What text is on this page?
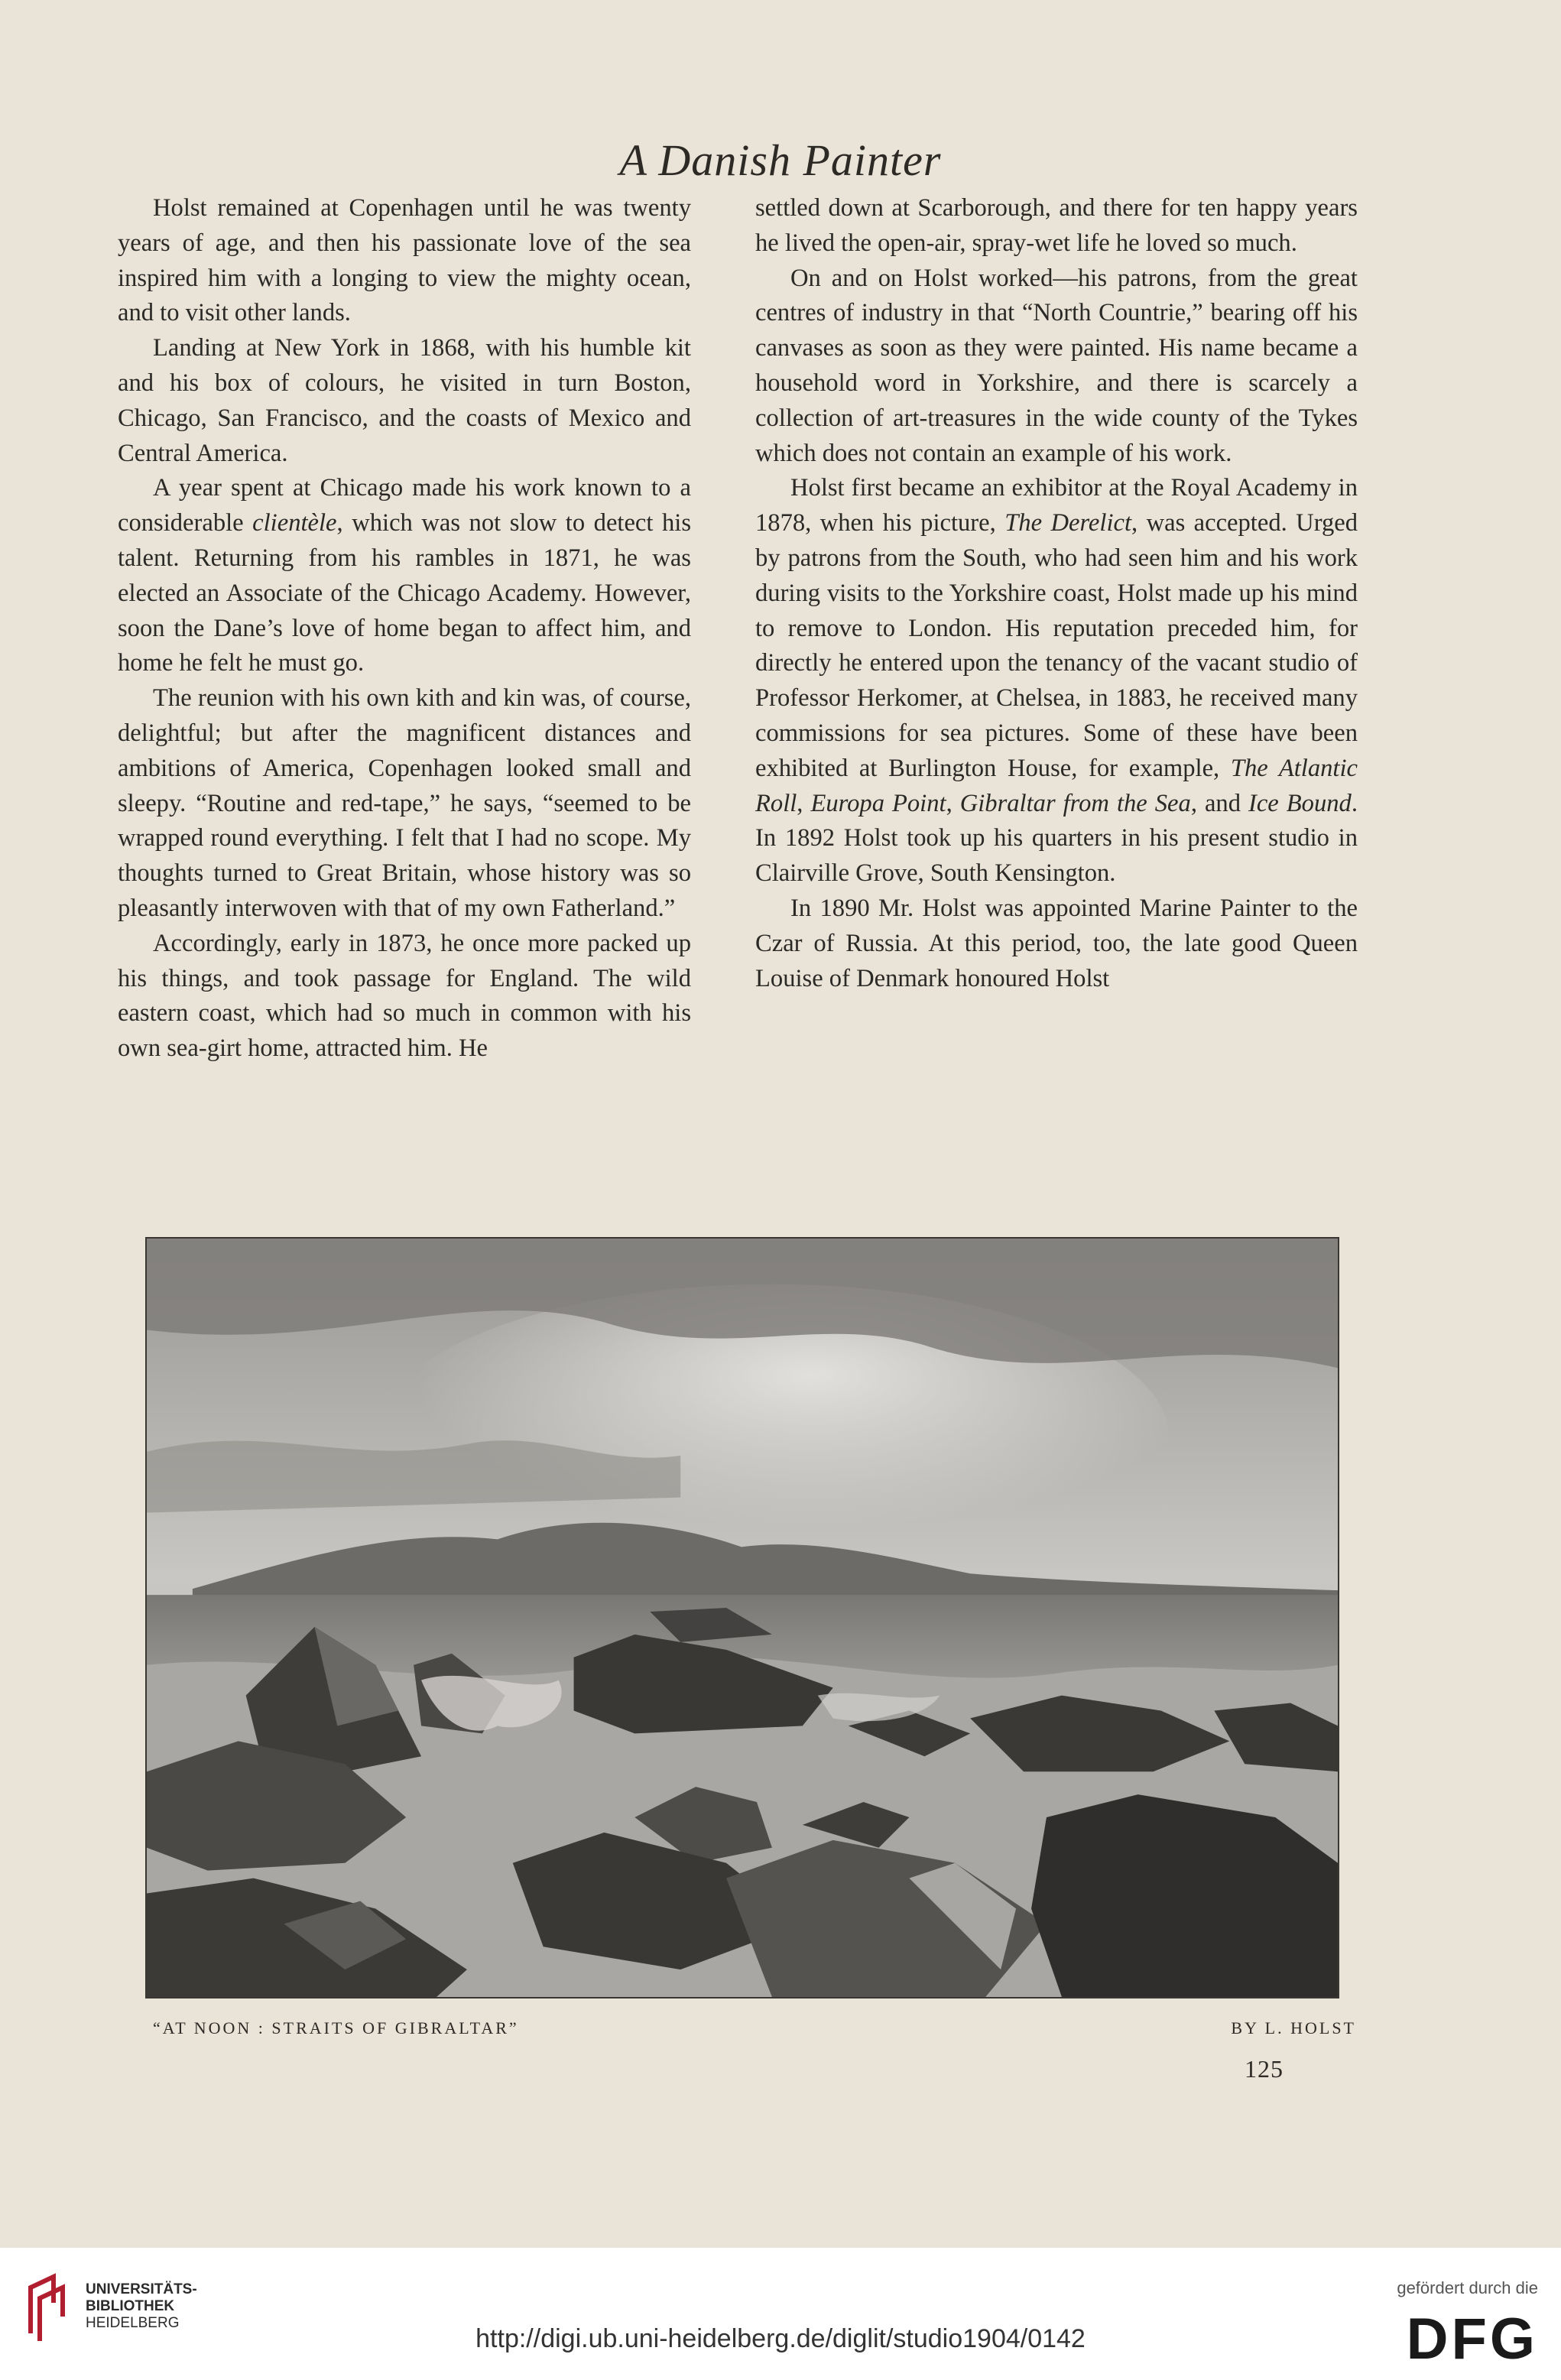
A Danish Painter

Holst remained at Copenhagen until he was twenty years of age, and then his passionate love of the sea inspired him with a longing to view the mighty ocean, and to visit other lands.

Landing at New York in 1868, with his humble kit and his box of colours, he visited in turn Boston, Chicago, San Francisco, and the coasts of Mexico and Central America.

A year spent at Chicago made his work known to a considerable clientèle, which was not slow to detect his talent. Returning from his rambles in 1871, he was elected an Associate of the Chicago Academy. However, soon the Dane’s love of home began to affect him, and home he felt he must go.

The reunion with his own kith and kin was, of course, delightful; but after the magnificent distances and ambitions of America, Copenhagen looked small and sleepy. “Routine and red-tape,” he says, “seemed to be wrapped round everything. I felt that I had no scope. My thoughts turned to Great Britain, whose history was so pleasantly interwoven with that of my own Fatherland.”

Accordingly, early in 1873, he once more packed up his things, and took passage for England. The wild eastern coast, which had so much in common with his own sea-girt home, attracted him. He

settled down at Scarborough, and there for ten happy years he lived the open-air, spray-wet life he loved so much.

On and on Holst worked—his patrons, from the great centres of industry in that “North Countrie,” bearing off his canvases as soon as they were painted. His name became a household word in Yorkshire, and there is scarcely a collection of art-treasures in the wide county of the Tykes which does not contain an example of his work.

Holst first became an exhibitor at the Royal Academy in 1878, when his picture, The Derelict, was accepted. Urged by patrons from the South, who had seen him and his work during visits to the Yorkshire coast, Holst made up his mind to remove to London. His reputation preceded him, for directly he entered upon the tenancy of the vacant studio of Professor Herkomer, at Chelsea, in 1883, he received many commissions for sea pictures. Some of these have been exhibited at Burlington House, for example, The Atlantic Roll, Europa Point, Gibraltar from the Sea, and Ice Bound. In 1892 Holst took up his quarters in his present studio in Clairville Grove, South Kensington.

In 1890 Mr. Holst was appointed Marine Painter to the Czar of Russia. At this period, too, the late good Queen Louise of Denmark honoured Holst

“AT NOON : STRAITS OF GIBRALTAR”	BY L. HOLST
125
UNIVERSITÄTS-
BIBLIOTHEK
HEIDELBERG
http://digi.ub.uni-heidelberg.de/diglit/studio1904/0142
gefördert durch die
DFG
